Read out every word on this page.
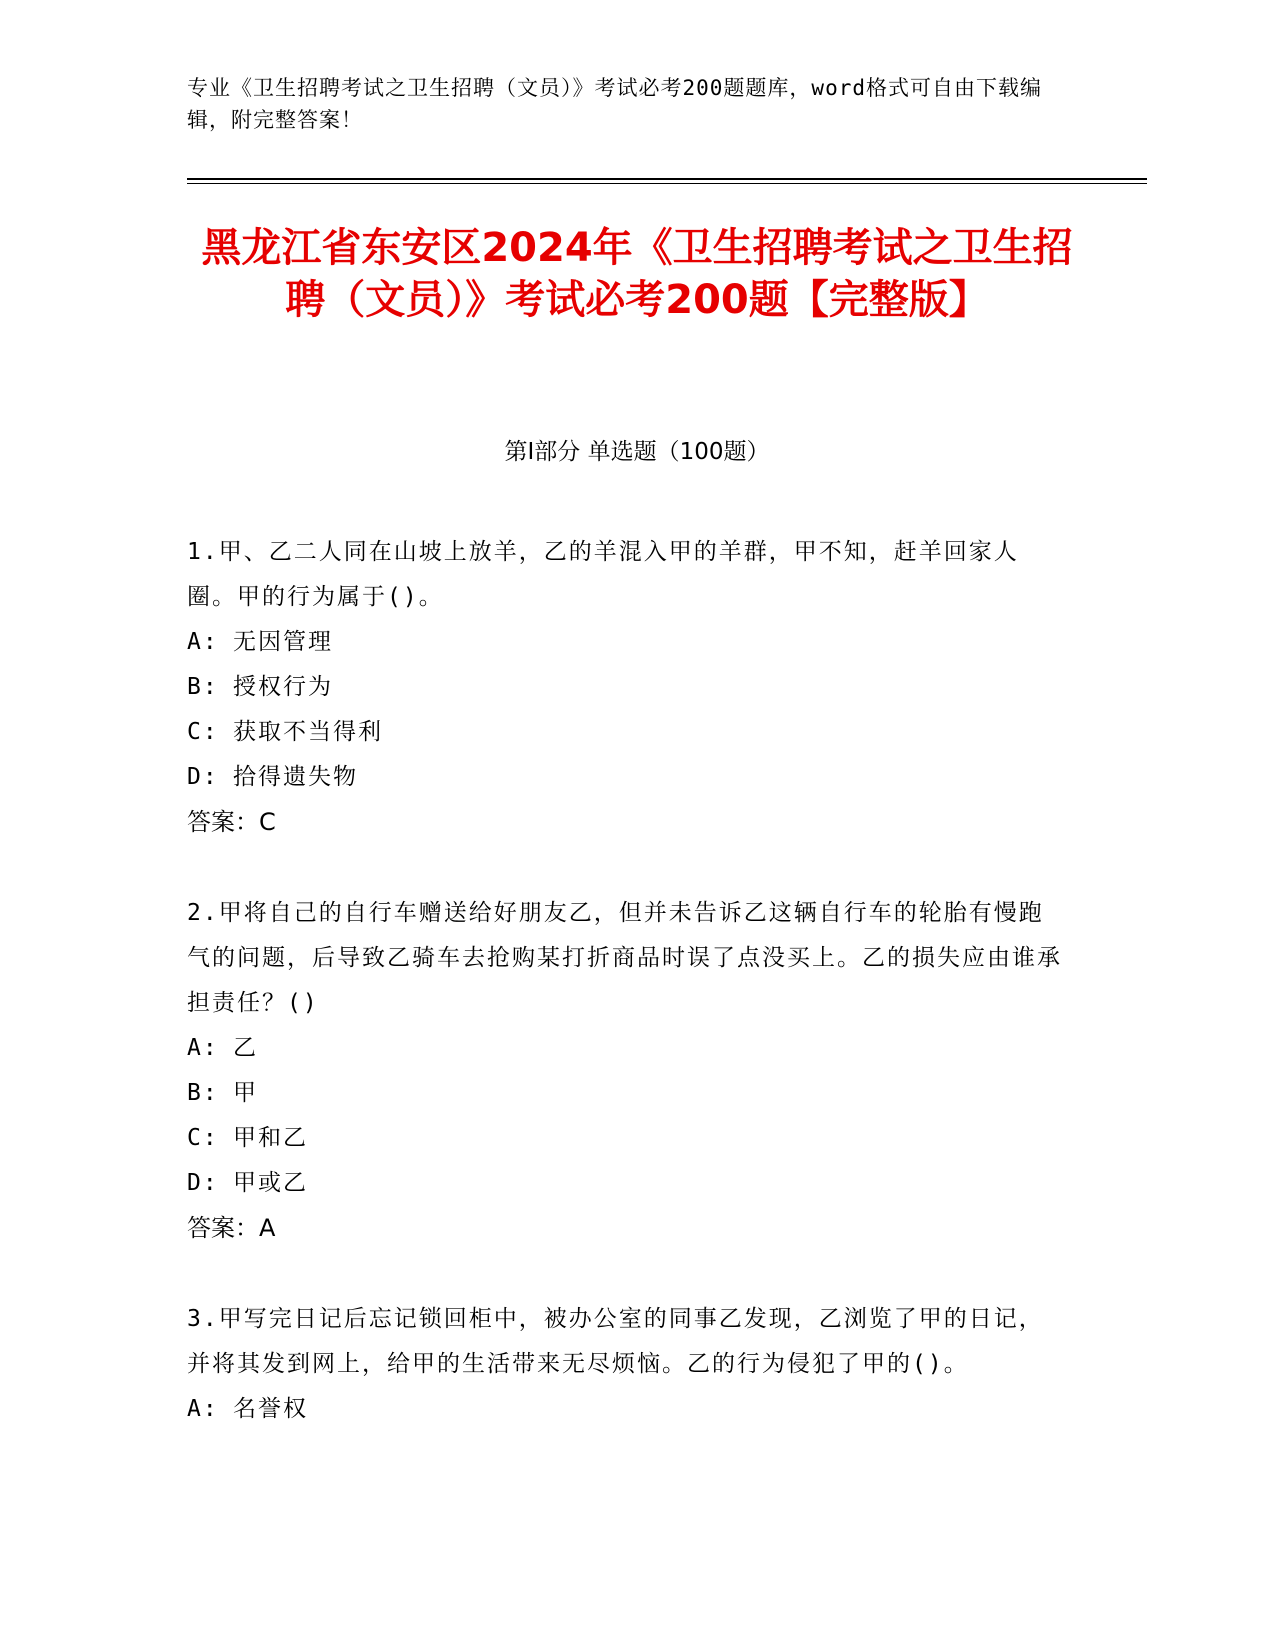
专业《卫生招聘考试之卫生招聘（文员）》考试必考200题题库，word格式可自由下载编辑，附完整答案！

黑龙江省东安区2024年《卫生招聘考试之卫生招聘（文员）》考试必考200题【完整版】
第Ⅰ部分 单选题（100题）

1.甲、乙二人同在山坡上放羊，乙的羊混入甲的羊群，甲不知，赶羊回家人圈。甲的行为属于()。

A: 无因管理

B: 授权行为

C: 获取不当得利

D: 拾得遗失物

答案：C

2.甲将自己的自行车赠送给好朋友乙，但并未告诉乙这辆自行车的轮胎有慢跑气的问题，后导致乙骑车去抢购某打折商品时误了点没买上。乙的损失应由谁承担责任？()

A: 乙

B: 甲

C: 甲和乙

D: 甲或乙

答案：A

3.甲写完日记后忘记锁回柜中，被办公室的同事乙发现，乙浏览了甲的日记，并将其发到网上，给甲的生活带来无尽烦恼。乙的行为侵犯了甲的()。

A: 名誉权
